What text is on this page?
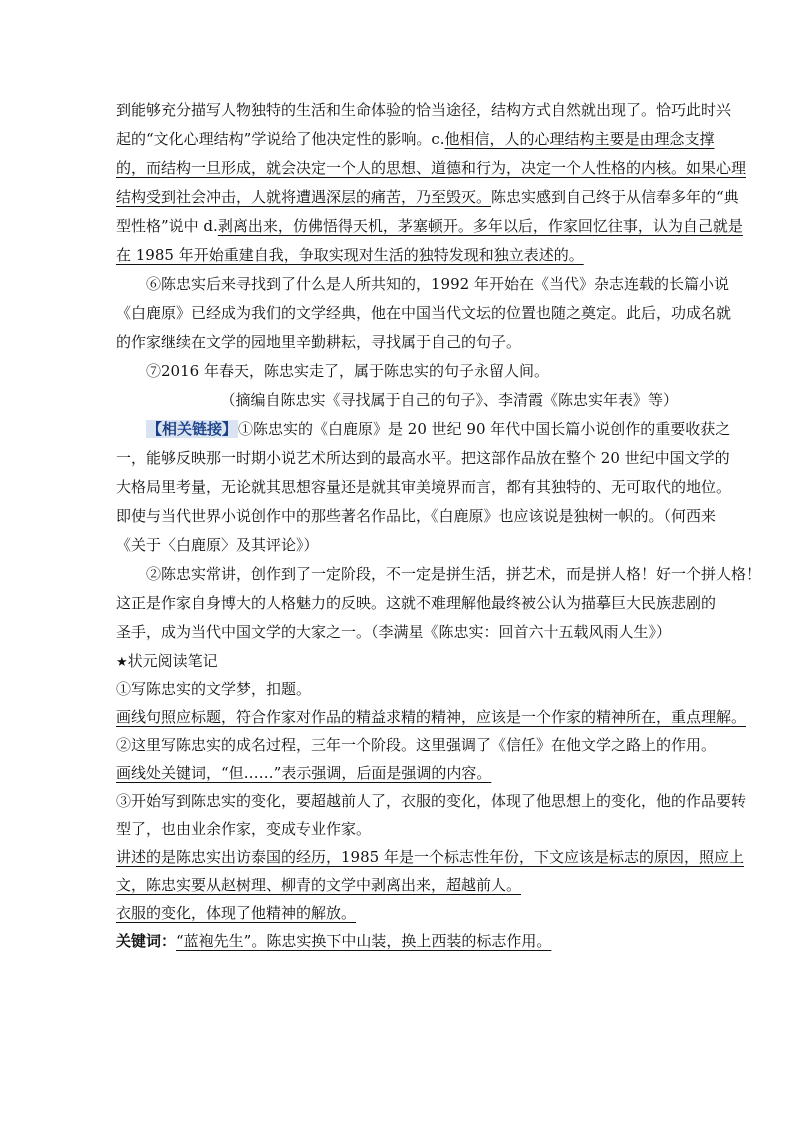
到能够充分描写人物独特的生活和生命体验的恰当途径，结构方式自然就出现了。恰巧此时兴
起的“文化心理结构”学说给了他决定性的影响。c.他相信，人的心理结构主要是由理念支撑
的，而结构一旦形成，就会决定一个人的思想、道德和行为，决定一个人性格的内核。如果心理
结构受到社会冲击，人就将遭遇深层的痛苦，乃至毁灭。陈忠实感到自己终于从信奉多年的“典
型性格”说中 d.剥离出来，仿佛悟得天机，茅塞顿开。多年以后，作家回忆往事，认为自己就是
在 1985 年开始重建自我，争取实现对生活的独特发现和独立表述的。
⑥陈忠实后来寻找到了什么是人所共知的，1992 年开始在《当代》杂志连载的长篇小说
《白鹿原》已经成为我们的文学经典，他在中国当代文坛的位置也随之奠定。此后，功成名就
的作家继续在文学的园地里辛勤耕耘，寻找属于自己的句子。
⑦2016 年春天，陈忠实走了，属于陈忠实的句子永留人间。
（摘编自陈忠实《寻找属于自己的句子》、李清霞《陈忠实年表》等）
【相关链接】①陈忠实的《白鹿原》是 20 世纪 90 年代中国长篇小说创作的重要收获之
一，能够反映那一时期小说艺术所达到的最高水平。把这部作品放在整个 20 世纪中国文学的
大格局里考量，无论就其思想容量还是就其审美境界而言，都有其独特的、无可取代的地位。
即使与当代世界小说创作中的那些著名作品比，《白鹿原》也应该说是独树一帜的。（何西来
《关于〈白鹿原〉及其评论》）
②陈忠实常讲，创作到了一定阶段，不一定是拼生活，拼艺术，而是拼人格！好一个拼人格！
这正是作家自身博大的人格魅力的反映。这就不难理解他最终被公认为描摹巨大民族悲剧的
圣手，成为当代中国文学的大家之一。（李满星《陈忠实：回首六十五载风雨人生》）
★状元阅读笔记
①写陈忠实的文学梦，扣题。
画线句照应标题，符合作家对作品的精益求精的精神，应该是一个作家的精神所在，重点理解。
②这里写陈忠实的成名过程，三年一个阶段。这里强调了《信任》在他文学之路上的作用。
画线处关键词，“但……”表示强调，后面是强调的内容。
③开始写到陈忠实的变化，要超越前人了，衣服的变化，体现了他思想上的变化，他的作品要转
型了，也由业余作家，变成专业作家。
讲述的是陈忠实出访泰国的经历，1985 年是一个标志性年份，下文应该是标志的原因，照应上
文，陈忠实要从赵树理、柳青的文学中剥离出来，超越前人。
衣服的变化，体现了他精神的解放。
关键词：“蓝袍先生”。陈忠实换下中山装，换上西装的标志作用。
